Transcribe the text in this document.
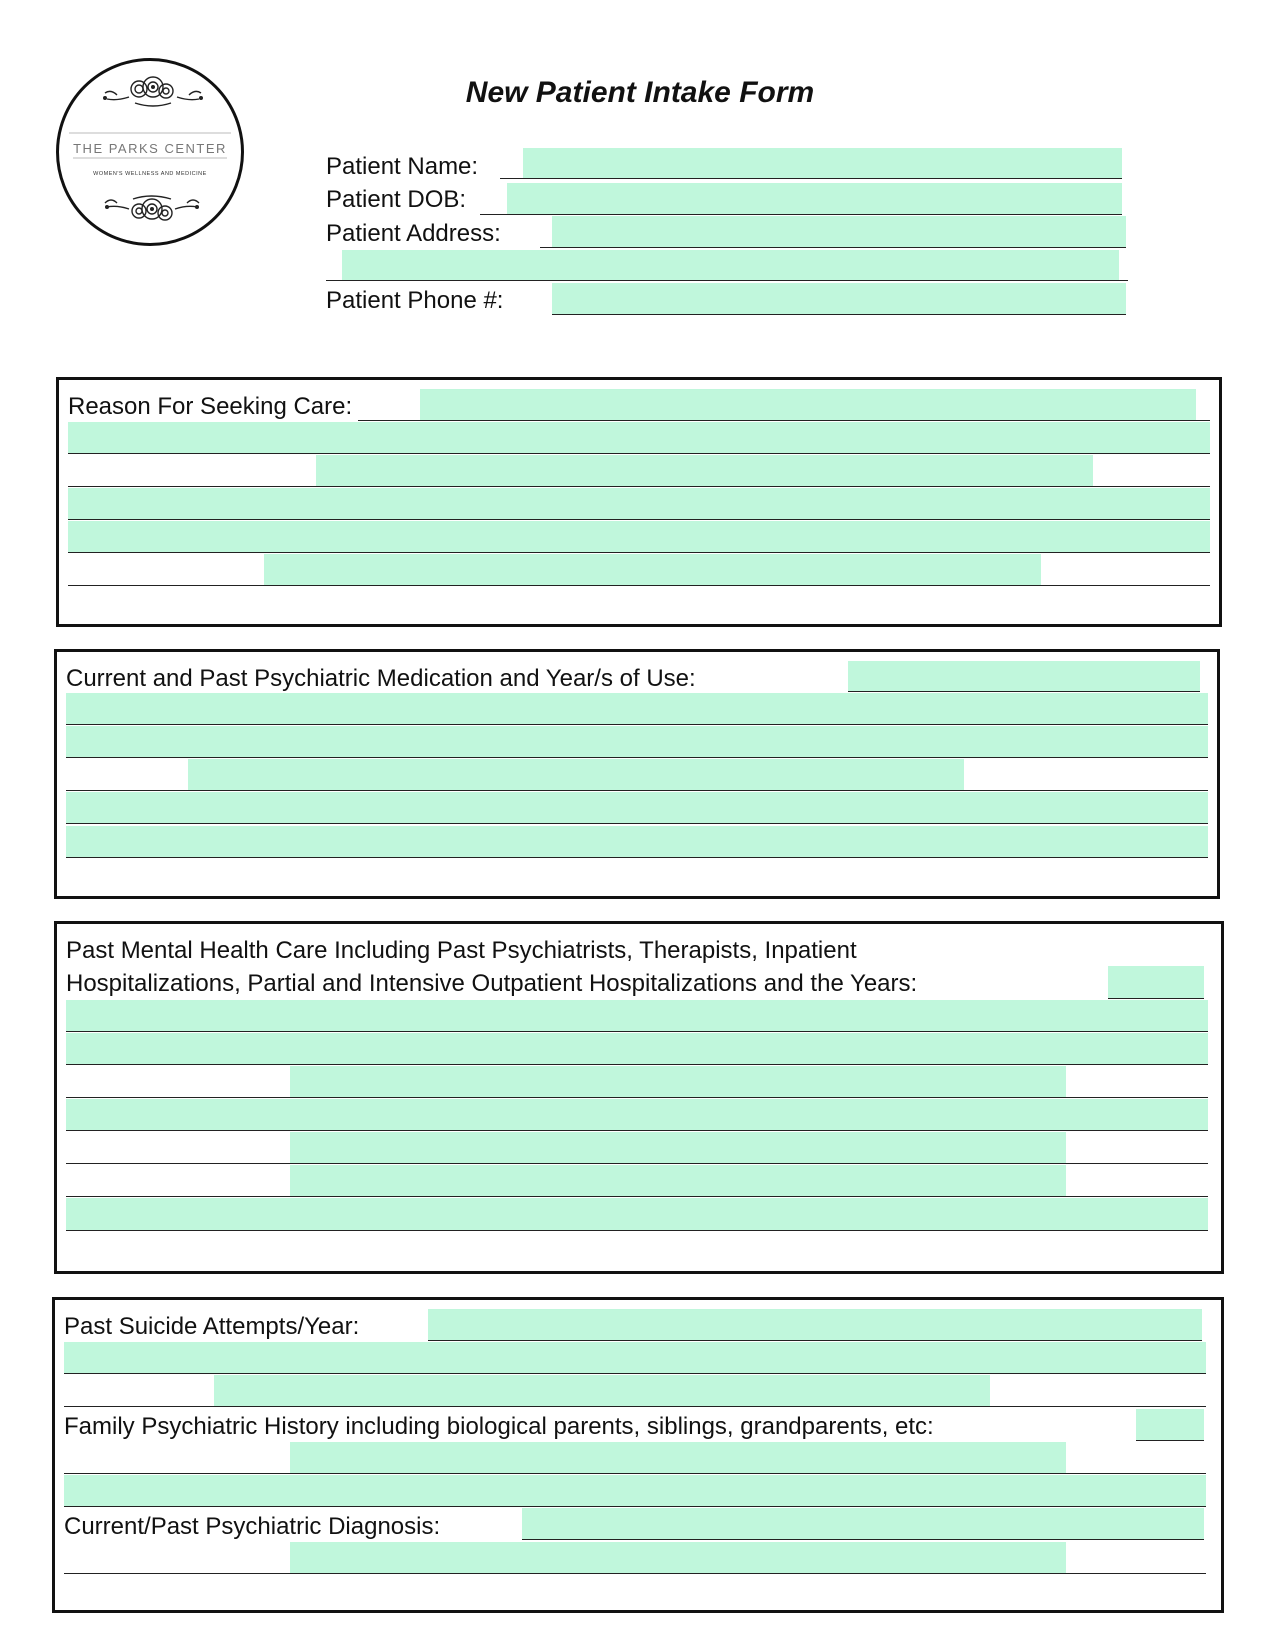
THE PARKS CENTER
WOMEN'S WELLNESS AND MEDICINE
New Patient Intake Form
Patient Name:
Patient DOB:
Patient Address:
Patient Phone #:
Reason For Seeking Care:
Current and Past Psychiatric Medication and Year/s of Use:
Past Mental Health Care Including Past Psychiatrists, Therapists, Inpatient
Hospitalizations, Partial and Intensive Outpatient Hospitalizations and the Years:
Past Suicide Attempts/Year:
Family Psychiatric History including biological parents, siblings, grandparents, etc:
Current/Past Psychiatric Diagnosis:
